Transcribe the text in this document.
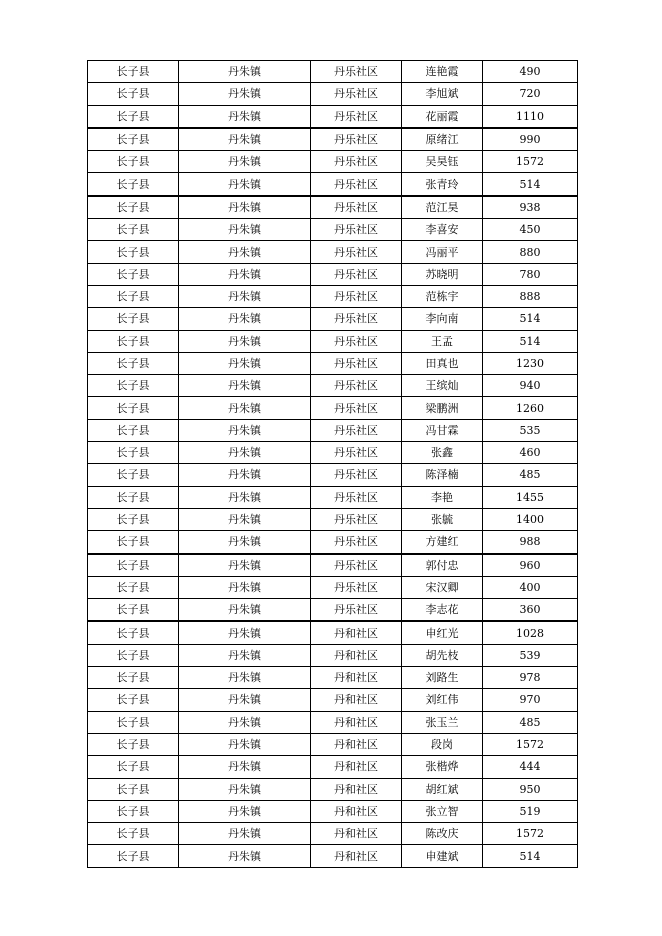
长子县	丹朱镇	丹乐社区	连艳霞	490
长子县	丹朱镇	丹乐社区	李旭斌	720
长子县	丹朱镇	丹乐社区	花丽霞	1110
长子县	丹朱镇	丹乐社区	原绪江	990
长子县	丹朱镇	丹乐社区	吴昊钰	1572
长子县	丹朱镇	丹乐社区	张青玲	514
长子县	丹朱镇	丹乐社区	范江昊	938
长子县	丹朱镇	丹乐社区	李喜安	450
长子县	丹朱镇	丹乐社区	冯丽平	880
长子县	丹朱镇	丹乐社区	苏晓明	780
长子县	丹朱镇	丹乐社区	范栋宇	888
长子县	丹朱镇	丹乐社区	李向南	514
长子县	丹朱镇	丹乐社区	王孟	514
长子县	丹朱镇	丹乐社区	田真也	1230
长子县	丹朱镇	丹乐社区	王缤灿	940
长子县	丹朱镇	丹乐社区	梁鹏洲	1260
长子县	丹朱镇	丹乐社区	冯甘霖	535
长子县	丹朱镇	丹乐社区	张鑫	460
长子县	丹朱镇	丹乐社区	陈泽楠	485
长子县	丹朱镇	丹乐社区	李艳	1455
长子县	丹朱镇	丹乐社区	张毓	1400
长子县	丹朱镇	丹乐社区	方建红	988
长子县	丹朱镇	丹乐社区	郭付忠	960
长子县	丹朱镇	丹乐社区	宋汉卿	400
长子县	丹朱镇	丹乐社区	李志花	360
长子县	丹朱镇	丹和社区	申红光	1028
长子县	丹朱镇	丹和社区	胡先枝	539
长子县	丹朱镇	丹和社区	刘路生	978
长子县	丹朱镇	丹和社区	刘红伟	970
长子县	丹朱镇	丹和社区	张玉兰	485
长子县	丹朱镇	丹和社区	段岗	1572
长子县	丹朱镇	丹和社区	张楷烨	444
长子县	丹朱镇	丹和社区	胡红斌	950
长子县	丹朱镇	丹和社区	张立智	519
长子县	丹朱镇	丹和社区	陈改庆	1572
长子县	丹朱镇	丹和社区	申建斌	514
